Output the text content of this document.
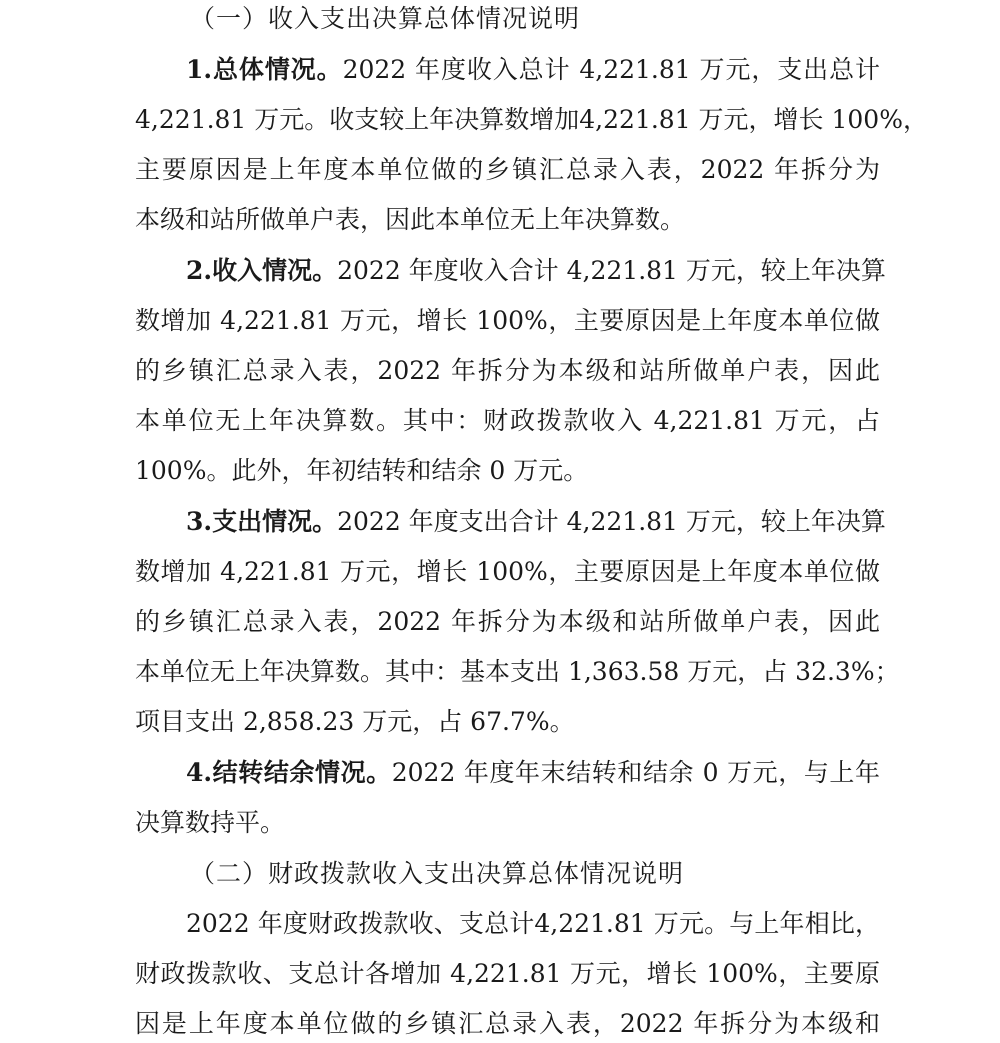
（一）收入支出决算总体情况说明
1.总体情况。2022 年度收入总计 4,221.81 万元，支出总计
4,221.81 万元。收支较上年决算数增加4,221.81 万元，增长 100%，
主要原因是上年度本单位做的乡镇汇总录入表，2022 年拆分为
本级和站所做单户表，因此本单位无上年决算数。
2.收入情况。2022 年度收入合计 4,221.81 万元，较上年决算
数增加 4,221.81 万元，增长 100%，主要原因是上年度本单位做
的乡镇汇总录入表，2022 年拆分为本级和站所做单户表，因此
本单位无上年决算数。其中：财政拨款收入 4,221.81 万元，占
100%。此外，年初结转和结余 0 万元。
3.支出情况。2022 年度支出合计 4,221.81 万元，较上年决算
数增加 4,221.81 万元，增长 100%，主要原因是上年度本单位做
的乡镇汇总录入表，2022 年拆分为本级和站所做单户表，因此
本单位无上年决算数。其中：基本支出 1,363.58 万元，占 32.3%；
项目支出 2,858.23 万元，占 67.7%。
4.结转结余情况。2022 年度年末结转和结余 0 万元，与上年
决算数持平。
（二）财政拨款收入支出决算总体情况说明
2022 年度财政拨款收、支总计4,221.81 万元。与上年相比，
财政拨款收、支总计各增加 4,221.81 万元，增长 100%，主要原
因是上年度本单位做的乡镇汇总录入表，2022 年拆分为本级和
